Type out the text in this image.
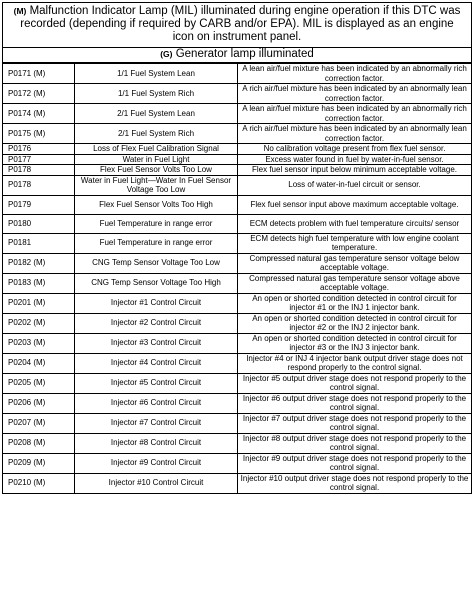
(M) Malfunction Indicator Lamp (MIL) illuminated during engine operation if this DTC was recorded (depending if required by CARB and/or EPA). MIL is displayed as an engine icon on instrument panel.
(G) Generator lamp illuminated
P0171 (M)	1/1 Fuel System Lean	A lean air/fuel mixture has been indicated by an abnormally rich correction factor.
P0172 (M)	1/1 Fuel System Rich	A rich air/fuel mixture has been indicated by an abnormally lean correction factor.
P0174 (M)	2/1 Fuel System Lean	A lean air/fuel mixture has been indicated by an abnormally rich correction factor.
P0175 (M)	2/1 Fuel System Rich	A rich air/fuel mixture has been indicated by an abnormally lean correction factor.
P0176	Loss of Flex Fuel Calibration Signal	No calibration voltage present from flex fuel sensor.
P0177	Water in Fuel Light	Excess water found in fuel by water-in-fuel sensor.
P0178	Flex Fuel Sensor Volts Too Low	Flex fuel sensor input below minimum acceptable voltage.
P0178	Water in Fuel Light—Water In Fuel Sensor Voltage Too Low	Loss of water-in-fuel circuit or sensor.
P0179	Flex Fuel Sensor Volts Too High	Flex fuel sensor input above maximum acceptable voltage.
P0180	Fuel Temperature in range error	ECM detects problem with fuel temperature circuits/ sensor
P0181	Fuel Temperature in range error	ECM detects high fuel temperature with low engine coolant temperature.
P0182 (M)	CNG Temp Sensor Voltage Too Low	Compressed natural gas temperature sensor voltage below acceptable voltage.
P0183 (M)	CNG Temp Sensor Voltage Too High	Compressed natural gas temperature sensor voltage above acceptable voltage.
P0201 (M)	Injector #1 Control Circuit	An open or shorted condition detected in control circuit for injector #1 or the INJ 1 injector bank.
P0202 (M)	Injector #2 Control Circuit	An open or shorted condition detected in control circuit for injector #2 or the INJ 2 injector bank.
P0203 (M)	Injector #3 Control Circuit	An open or shorted condition detected in control circuit for injector #3 or the INJ 3 injector bank.
P0204 (M)	Injector #4 Control Circuit	Injector #4 or INJ 4 injector bank output driver stage does not respond properly to the control signal.
P0205 (M)	Injector #5 Control Circuit	Injector #5 output driver stage does not respond properly to the control signal.
P0206 (M)	Injector #6 Control Circuit	Injector #6 output driver stage does not respond properly to the control signal.
P0207 (M)	Injector #7 Control Circuit	Injector #7 output driver stage does not respond properly to the control signal.
P0208 (M)	Injector #8 Control Circuit	Injector #8 output driver stage does not respond properly to the control signal.
P0209 (M)	Injector #9 Control Circuit	Injector #9 output driver stage does not respond properly to the control signal.
P0210 (M)	Injector #10 Control Circuit	Injector #10 output driver stage does not respond properly to the control signal.
